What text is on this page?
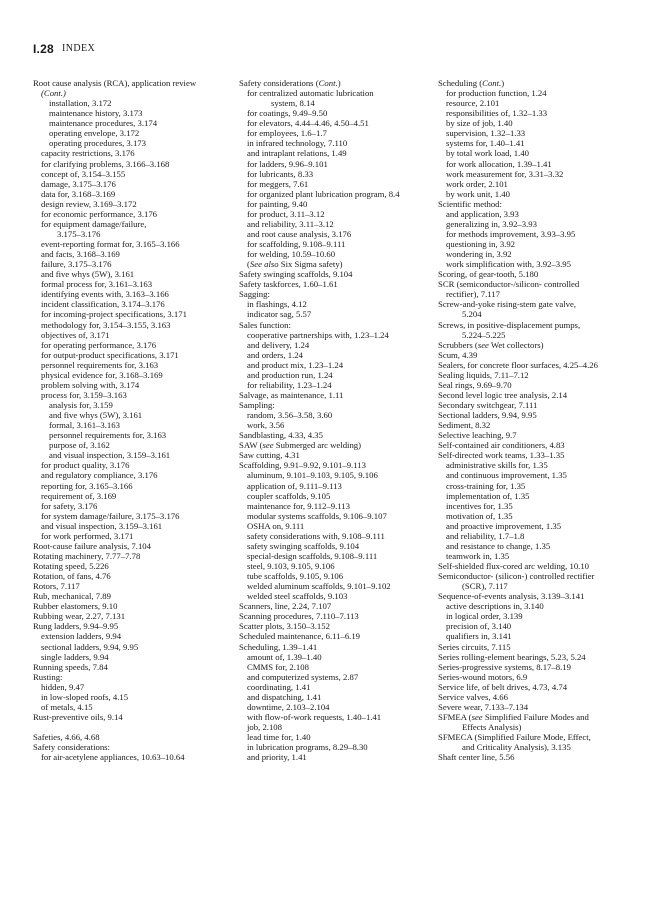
I.28 INDEX
Root cause analysis (RCA), application review
(Cont.)
installation, 3.172
maintenance history, 3.173
maintenance procedures, 3.174
operating envelope, 3.172
operating procedures, 3.173
capacity restrictions, 3.176
for clarifying problems, 3.166–3.168
concept of, 3.154–3.155
damage, 3.175–3.176
data for, 3.168–3.169
design review, 3.169–3.172
for economic performance, 3.176
for equipment damage/failure,
3.175–3.176
event-reporting format for, 3.165–3.166
and facts, 3.168–3.169
failure, 3.175–3.176
and five whys (5W), 3.161
formal process for, 3.161–3.163
identifying events with, 3.163–3.166
incident classification, 3.174–3.176
for incoming-project specifications, 3.171
methodology for, 3.154–3.155, 3.163
objectives of, 3.171
for operating performance, 3.176
for output-product specifications, 3.171
personnel requirements for, 3.163
physical evidence for, 3.168–3.169
problem solving with, 3.174
process for, 3.159–3.163
analysis for, 3.159
and five whys (5W), 3.161
formal, 3.161–3.163
personnel requirements for, 3.163
purpose of, 3.162
and visual inspection, 3.159–3.161
for product quality, 3.176
and regulatory compliance, 3.176
reporting for, 3.165–3.166
requirement of, 3.169
for safety, 3.176
for system damage/failure, 3.175–3.176
and visual inspection, 3.159–3.161
for work performed, 3.171
Root-cause failure analysis, 7.104
Rotating machinery, 7.77–7.78
Rotating speed, 5.226
Rotation, of fans, 4.76
Rotors, 7.117
Rub, mechanical, 7.89
Rubber elastomers, 9.10
Rubbing wear, 2.27, 7.131
Rung ladders, 9.94–9.95
extension ladders, 9.94
sectional ladders, 9.94, 9.95
single ladders, 9.94
Running speeds, 7.84
Rusting:
hidden, 9.47
in low-sloped roofs, 4.15
of metals, 4.15
Rust-preventive oils, 9.14
Safeties, 4.66, 4.68
Safety considerations:
for air-acetylene appliances, 10.63–10.64
Safety considerations (Cont.)
for centralized automatic lubrication
system, 8.14
for coatings, 9.49–9.50
for elevators, 4.44–4.46, 4.50–4.51
for employees, 1.6–1.7
in infrared technology, 7.110
and intraplant relations, 1.49
for ladders, 9.96–9.101
for lubricants, 8.33
for meggers, 7.61
for organized plant lubrication program, 8.4
for painting, 9.40
for product, 3.11–3.12
and reliability, 3.11–3.12
and root cause analysis, 3.176
for scaffolding, 9.108–9.111
for welding, 10.59–10.60
(See also Six Sigma safety)
Safety swinging scaffolds, 9.104
Safety taskforces, 1.60–1.61
Sagging:
in flashings, 4.12
indicator sag, 5.57
Sales function:
cooperative partnerships with, 1.23–1.24
and delivery, 1.24
and orders, 1.24
and product mix, 1.23–1.24
and production run, 1.24
for reliability, 1.23–1.24
Salvage, as maintenance, 1.11
Sampling:
random, 3.56–3.58, 3.60
work, 3.56
Sandblasting, 4.33, 4.35
SAW (see Submerged arc welding)
Saw cutting, 4.31
Scaffolding, 9.91–9.92, 9.101–9.113
aluminum, 9.101–9.103, 9.105, 9.106
application of, 9.111–9.113
coupler scaffolds, 9.105
maintenance for, 9.112–9.113
modular systems scaffolds, 9.106–9.107
OSHA on, 9.111
safety considerations with, 9.108–9.111
safety swinging scaffolds, 9.104
special-design scaffolds, 9.108–9.111
steel, 9.103, 9.105, 9.106
tube scaffolds, 9.105, 9.106
welded aluminum scaffolds, 9.101–9.102
welded steel scaffolds, 9.103
Scanners, line, 2.24, 7.107
Scanning procedures, 7.110–7.113
Scatter plots, 3.150–3.152
Scheduled maintenance, 6.11–6.19
Scheduling, 1.39–1.41
amount of, 1.39–1.40
CMMS for, 2.108
and computerized systems, 2.87
coordinating, 1.41
and dispatching, 1.41
downtime, 2.103–2.104
with flow-of-work requests, 1.40–1.41
job, 2.108
lead time for, 1.40
in lubrication programs, 8.29–8.30
and priority, 1.41
Scheduling (Cont.)
for production function, 1.24
resource, 2.101
responsibilities of, 1.32–1.33
by size of job, 1.40
supervision, 1.32–1.33
systems for, 1.40–1.41
by total work load, 1.40
for work allocation, 1.39–1.41
work measurement for, 3.31–3.32
work order, 2.101
by work unit, 1.40
Scientific method:
and application, 3.93
generalizing in, 3.92–3.93
for methods improvement, 3.93–3.95
questioning in, 3.92
wondering in, 3.92
work simplification with, 3.92–3.95
Scoring, of gear-tooth, 5.180
SCR (semiconductor-/silicon- controlled
rectifier), 7.117
Screw-and-yoke rising-stem gate valve,
5.204
Screws, in positive-displacement pumps,
5.224–5.225
Scrubbers (see Wet collectors)
Scum, 4.39
Sealers, for concrete floor surfaces, 4.25–4.26
Sealing liquids, 7.11–7.12
Seal rings, 9.69–9.70
Second level logic tree analysis, 2.14
Secondary switchgear, 7.111
Sectional ladders, 9.94, 9.95
Sediment, 8.32
Selective leaching, 9.7
Self-contained air conditioners, 4.83
Self-directed work teams, 1.33–1.35
administrative skills for, 1.35
and continuous improvement, 1.35
cross-training for, 1.35
implementation of, 1.35
incentives for, 1.35
motivation of, 1.35
and proactive improvement, 1.35
and reliability, 1.7–1.8
and resistance to change, 1.35
teamwork in, 1.35
Self-shielded flux-cored arc welding, 10.10
Semiconductor- (silicon-) controlled rectifier
(SCR), 7.117
Sequence-of-events analysis, 3.139–3.141
active descriptions in, 3.140
in logical order, 3.139
precision of, 3.140
qualifiers in, 3.141
Series circuits, 7.115
Series rolling-element bearings, 5.23, 5.24
Series-progressive systems, 8.17–8.19
Series-wound motors, 6.9
Service life, of belt drives, 4.73, 4.74
Service valves, 4.66
Severe wear, 7.133–7.134
SFMEA (see Simplified Failure Modes and
Effects Analysis)
SFMECA (Simplified Failure Mode, Effect,
and Criticality Analysis), 3.135
Shaft center line, 5.56
